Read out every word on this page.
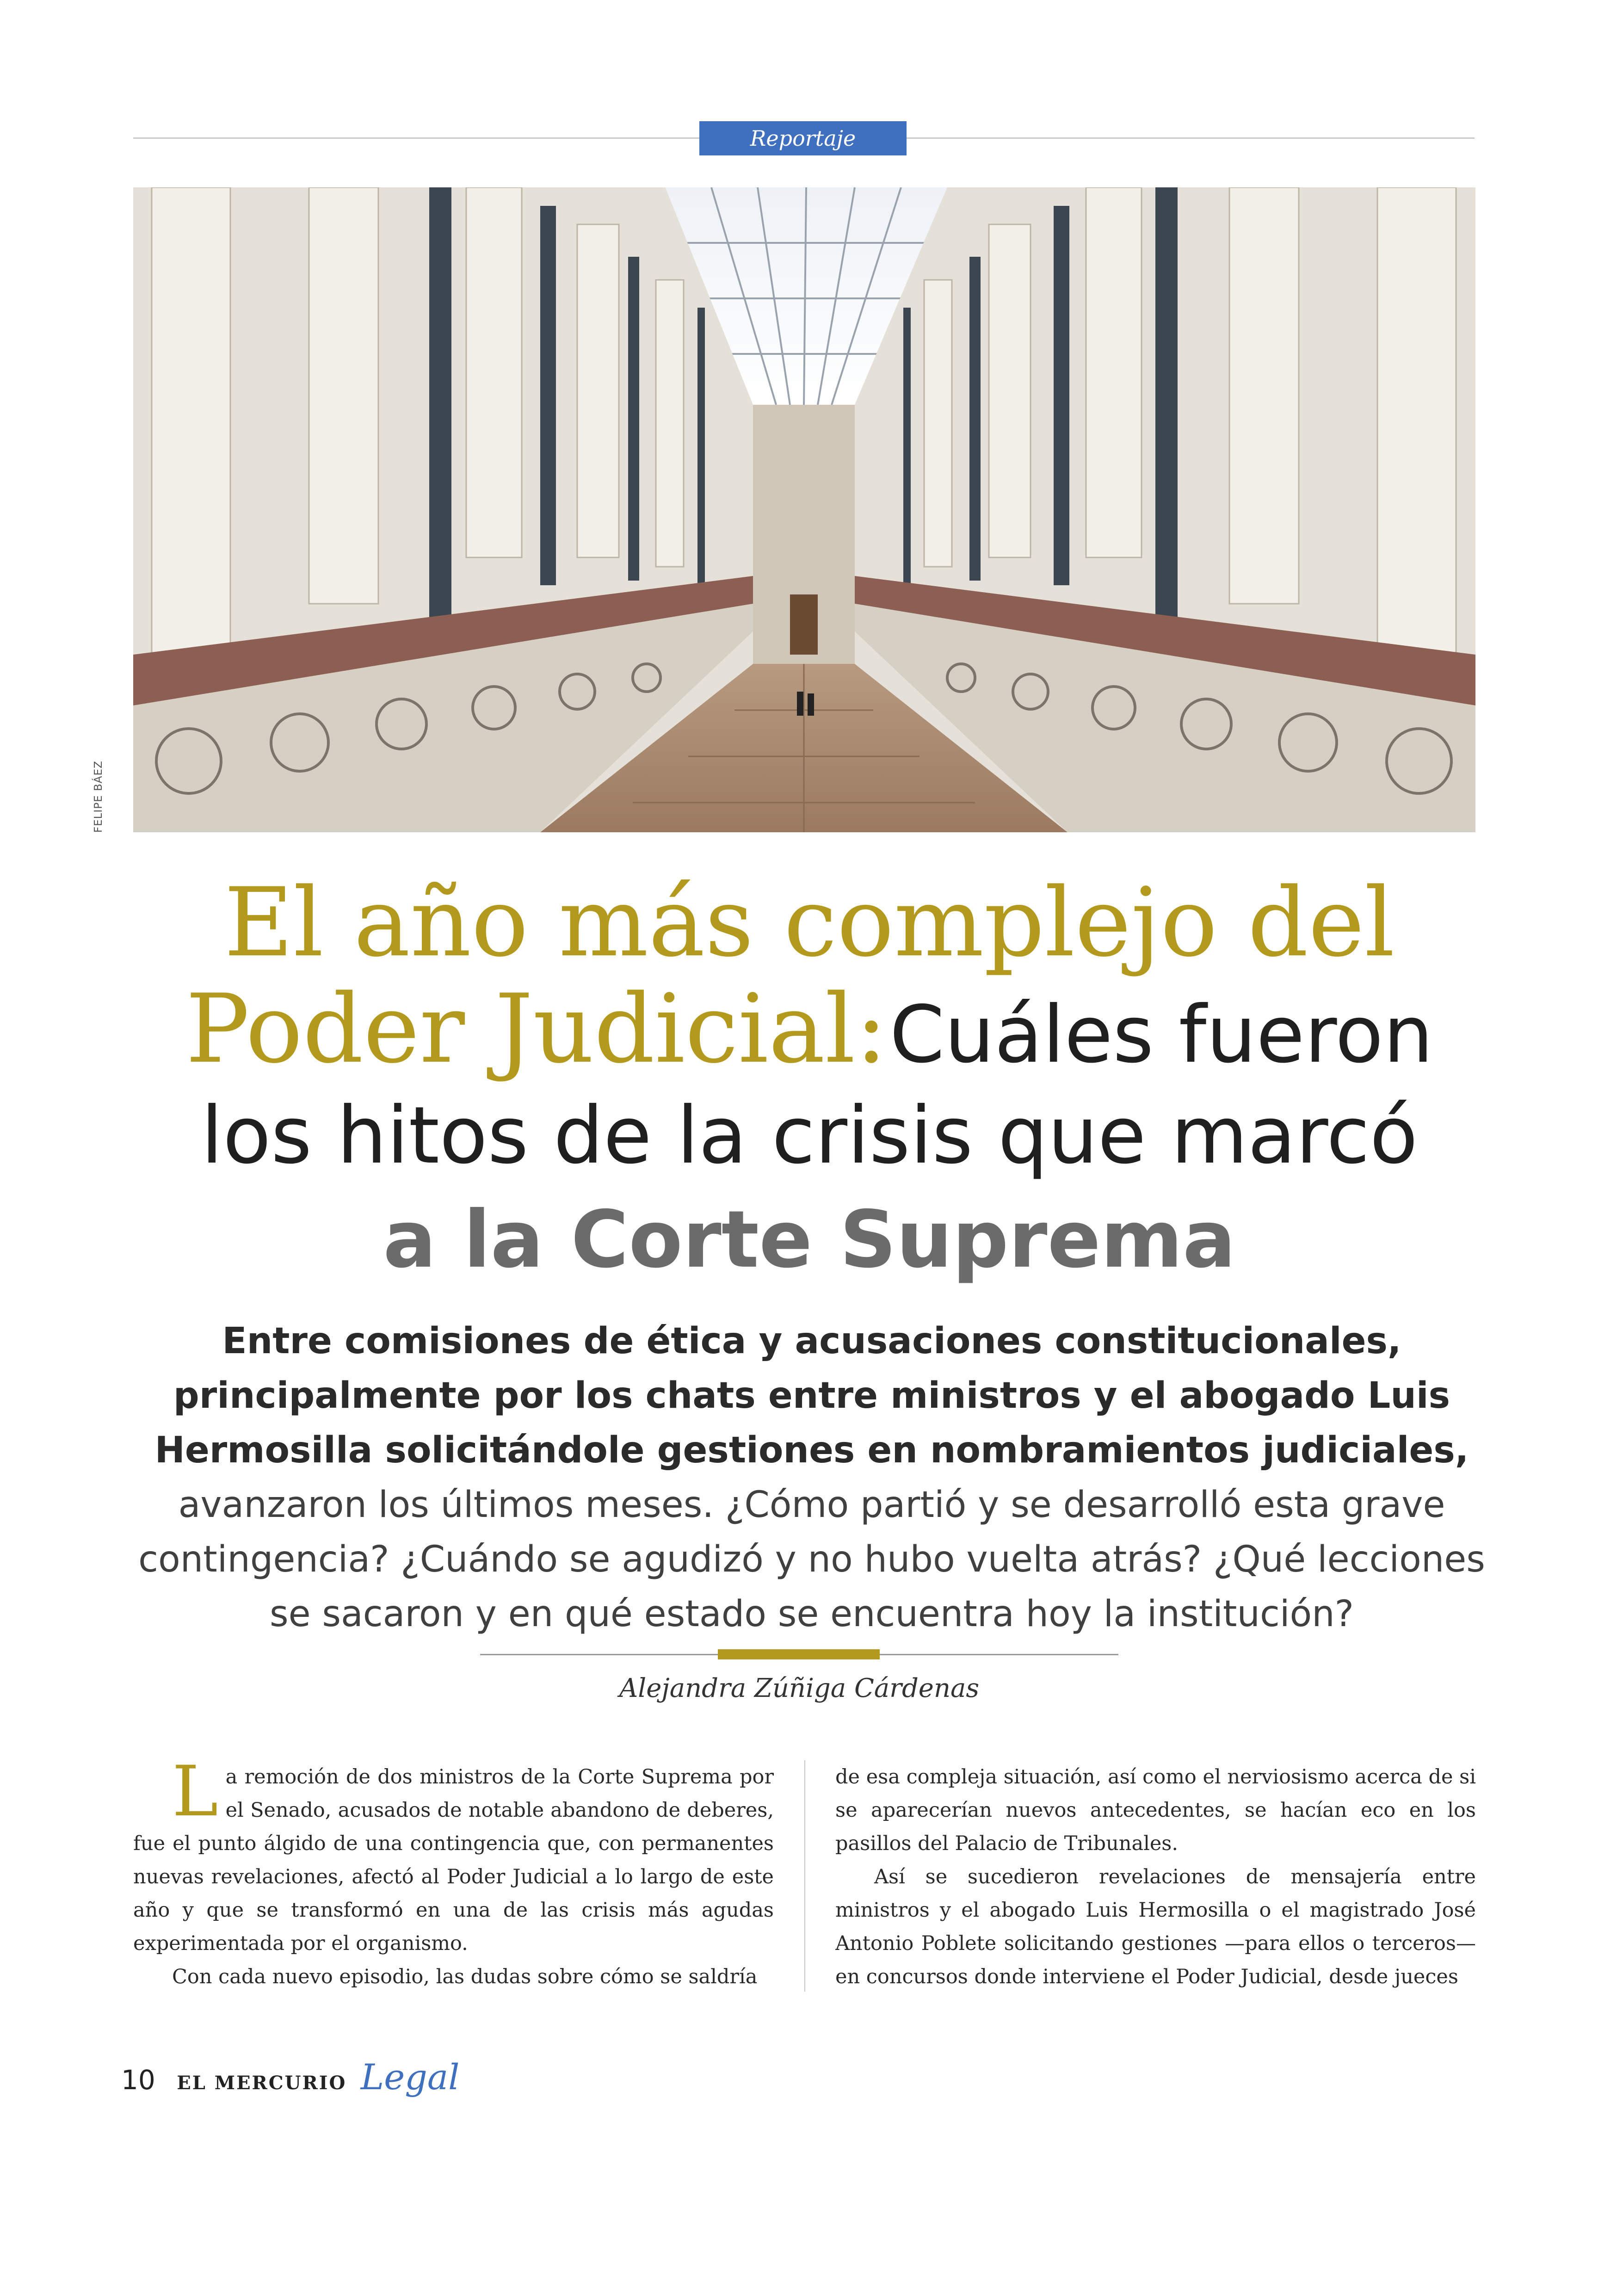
Reportaje
FELIPE BÁEZ
El año más complejo del
Poder Judicial: Cuáles fueron
los hitos de la crisis que marcó
a la Corte Suprema
Entre comisiones de ética y acusaciones constitucionales, principalmente por los chats entre ministros y el abogado Luis Hermosilla solicitándole gestiones en nombramientos judiciales, avanzaron los últimos meses. ¿Cómo partió y se desarrolló esta grave contingencia? ¿Cuándo se agudizó y no hubo vuelta atrás? ¿Qué lecciones se sacaron y en qué estado se encuentra hoy la institución?
Alejandra Zúñiga Cárdenas

La remoción de dos ministros de la Corte Suprema por el Senado, acusados de notable abandono de deberes, fue el punto álgido de una contingencia que, con permanentes nuevas revelaciones, afectó al Poder Judicial a lo largo de este año y que se transformó en una de las crisis más agudas experimentada por el organismo.

Con cada nuevo episodio, las dudas sobre cómo se saldría

de esa compleja situación, así como el nerviosismo acerca de si se aparecerían nuevos antecedentes, se hacían eco en los pasillos del Palacio de Tribunales.

Así se sucedieron revelaciones de mensajería entre ministros y el abogado Luis Hermosilla o el magistrado José Antonio Poblete solicitando gestiones —para ellos o terceros— en concursos donde interviene el Poder Judicial, desde jueces

10 EL MERCURIO Legal
